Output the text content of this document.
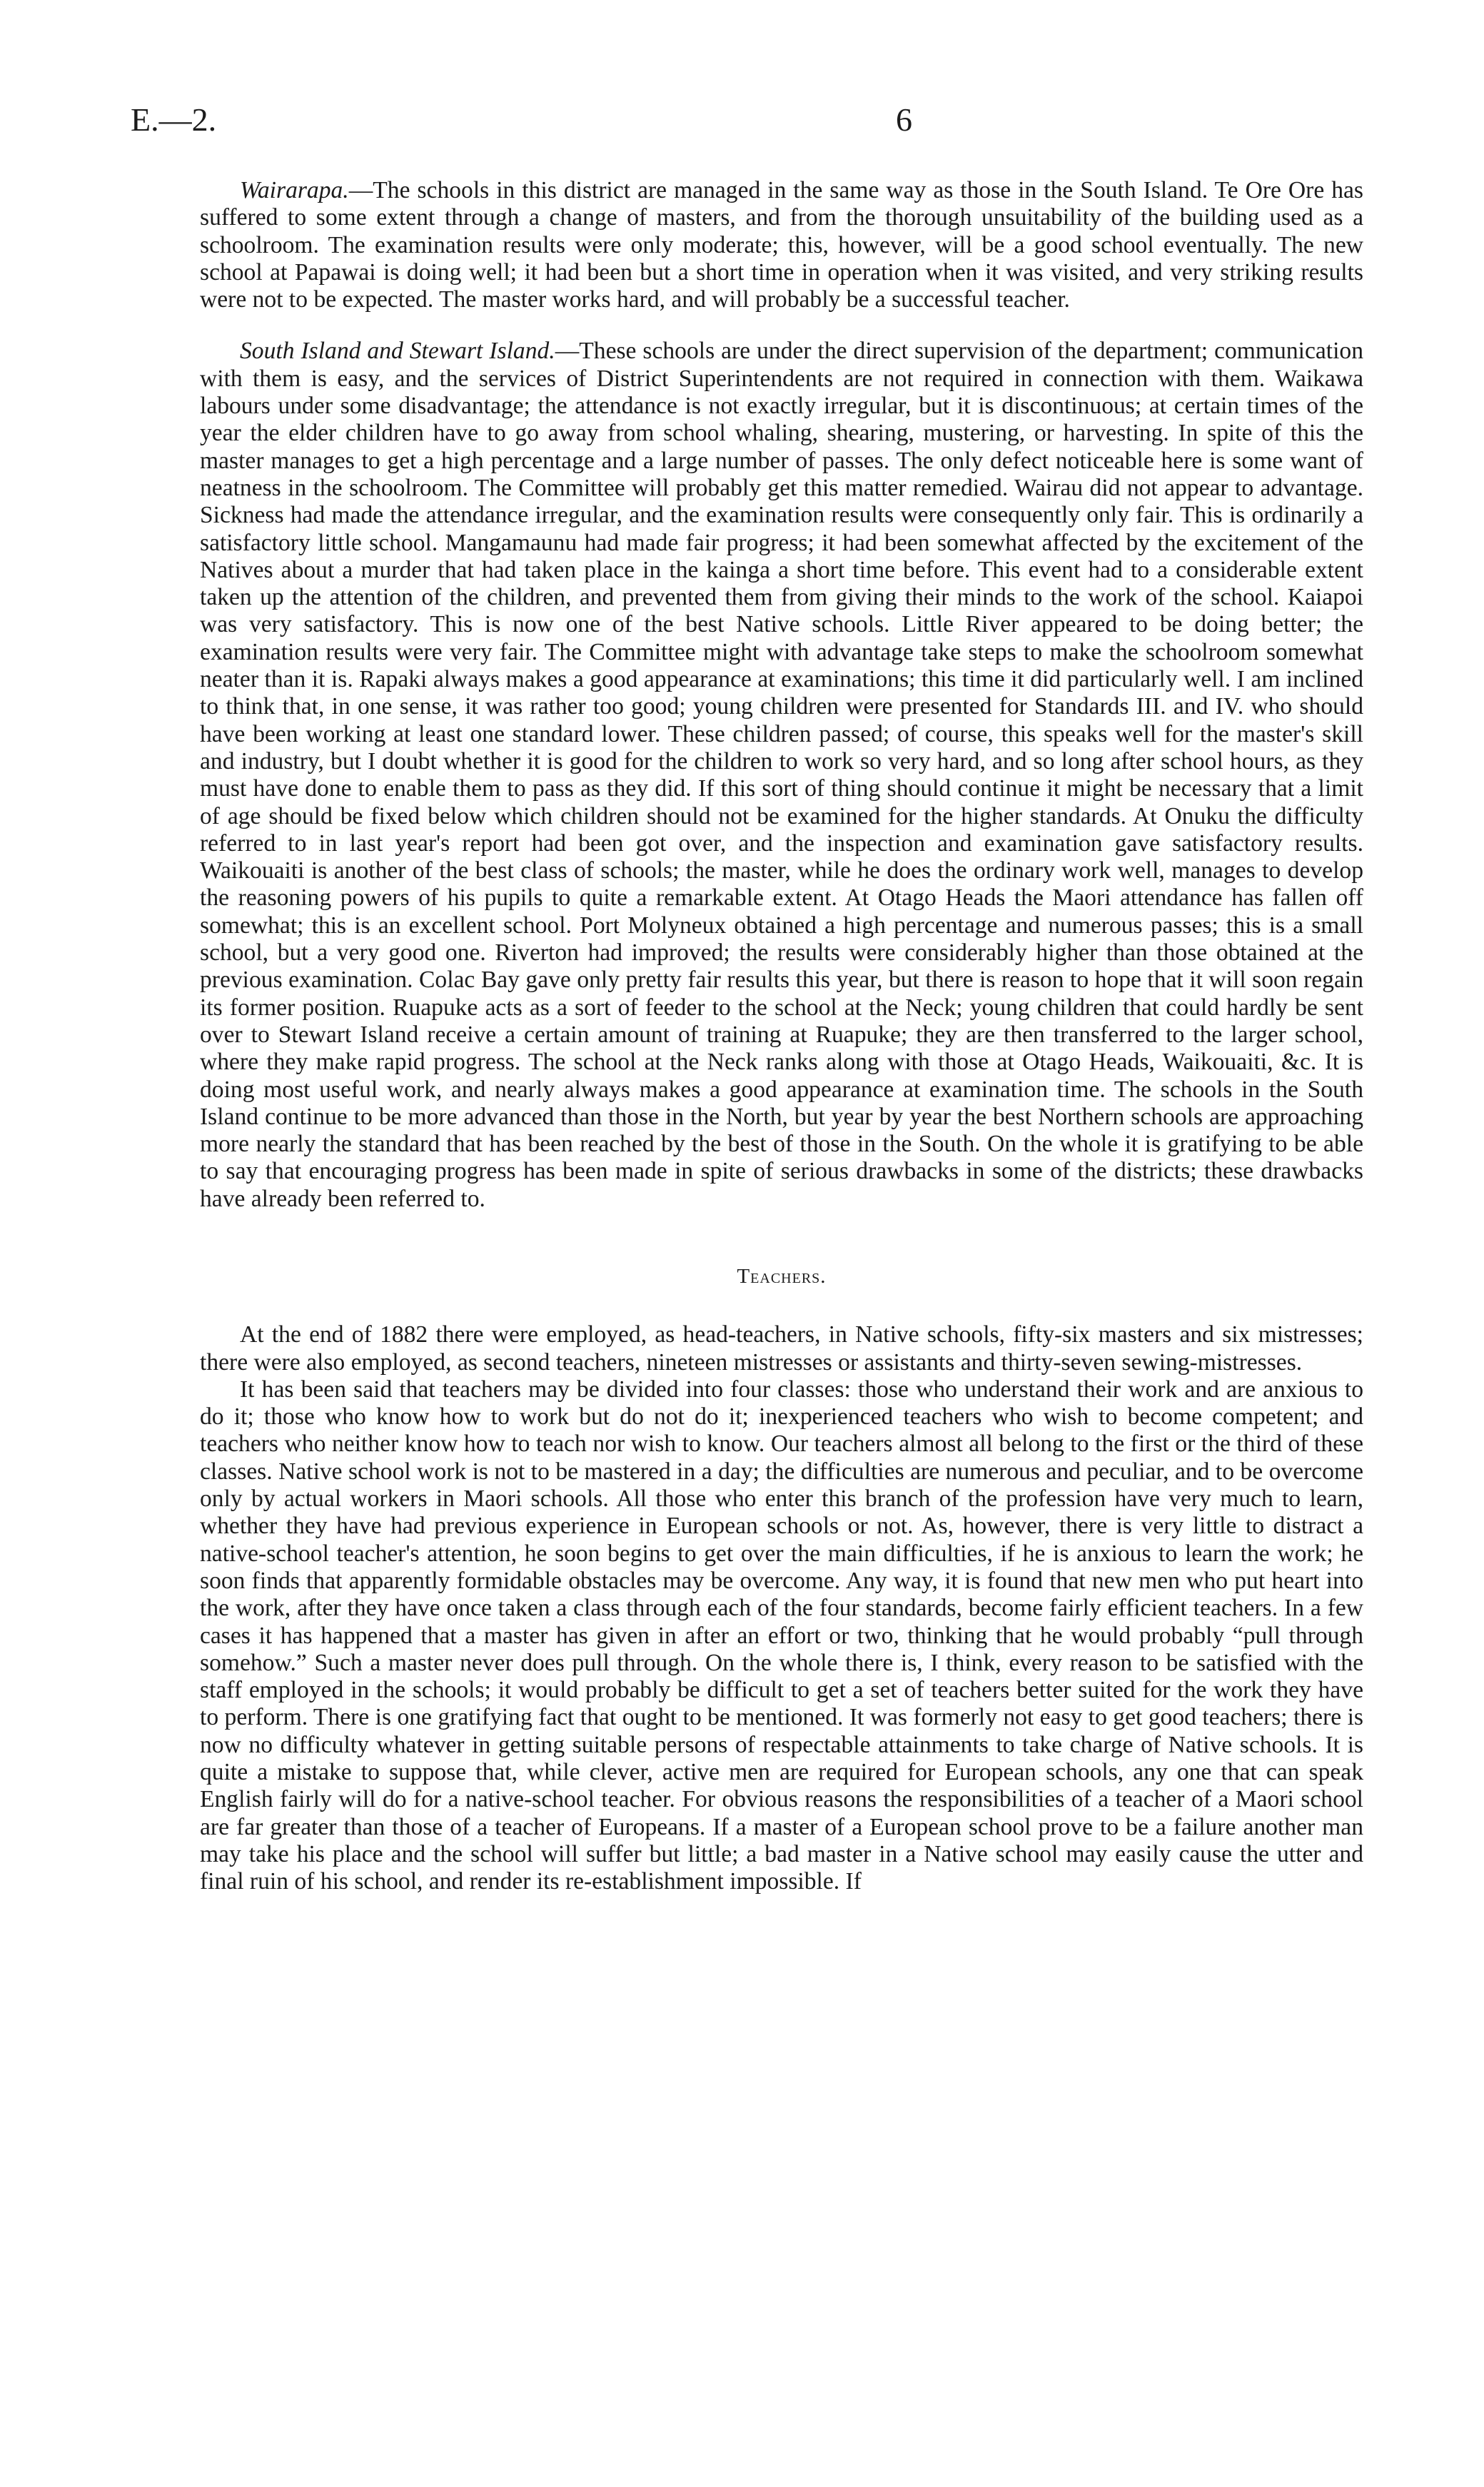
E.—2.	6

Wairarapa.—The schools in this district are managed in the same way as those in the South Island. Te Ore Ore has suffered to some extent through a change of masters, and from the thorough unsuitability of the building used as a schoolroom. The examination results were only moderate; this, however, will be a good school eventually. The new school at Papawai is doing well; it had been but a short time in operation when it was visited, and very striking results were not to be expected. The master works hard, and will probably be a successful teacher.

South Island and Stewart Island.—These schools are under the direct supervision of the department; communication with them is easy, and the services of District Superintendents are not required in connection with them. Waikawa labours under some disadvantage; the attendance is not exactly irregular, but it is discontinuous; at certain times of the year the elder children have to go away from school whaling, shearing, mustering, or harvesting. In spite of this the master manages to get a high percentage and a large number of passes. The only defect noticeable here is some want of neatness in the schoolroom. The Committee will probably get this matter remedied. Wairau did not appear to advantage. Sickness had made the attendance irregular, and the examination results were consequently only fair. This is ordinarily a satisfactory little school. Mangamaunu had made fair progress; it had been somewhat affected by the excitement of the Natives about a murder that had taken place in the kainga a short time before. This event had to a considerable extent taken up the attention of the children, and prevented them from giving their minds to the work of the school. Kaiapoi was very satisfactory. This is now one of the best Native schools. Little River appeared to be doing better; the examination results were very fair. The Committee might with advantage take steps to make the schoolroom somewhat neater than it is. Rapaki always makes a good appearance at examinations; this time it did particularly well. I am inclined to think that, in one sense, it was rather too good; young children were presented for Standards III. and IV. who should have been working at least one standard lower. These children passed; of course, this speaks well for the master's skill and industry, but I doubt whether it is good for the children to work so very hard, and so long after school hours, as they must have done to enable them to pass as they did. If this sort of thing should continue it might be necessary that a limit of age should be fixed below which children should not be examined for the higher standards. At Onuku the difficulty referred to in last year's report had been got over, and the inspection and examination gave satisfactory results. Waikouaiti is another of the best class of schools; the master, while he does the ordinary work well, manages to develop the reasoning powers of his pupils to quite a remarkable extent. At Otago Heads the Maori attendance has fallen off somewhat; this is an excellent school. Port Molyneux obtained a high percentage and numerous passes; this is a small school, but a very good one. Riverton had improved; the results were considerably higher than those obtained at the previous examination. Colac Bay gave only pretty fair results this year, but there is reason to hope that it will soon regain its former position. Ruapuke acts as a sort of feeder to the school at the Neck; young children that could hardly be sent over to Stewart Island receive a certain amount of training at Ruapuke; they are then transferred to the larger school, where they make rapid progress. The school at the Neck ranks along with those at Otago Heads, Waikouaiti, &c. It is doing most useful work, and nearly always makes a good appearance at examination time. The schools in the South Island continue to be more advanced than those in the North, but year by year the best Northern schools are approaching more nearly the standard that has been reached by the best of those in the South. On the whole it is gratifying to be able to say that encouraging progress has been made in spite of serious drawbacks in some of the districts; these drawbacks have already been referred to.

Teachers.

At the end of 1882 there were employed, as head-teachers, in Native schools, fifty-six masters and six mistresses; there were also employed, as second teachers, nineteen mistresses or assistants and thirty-seven sewing-mistresses.

It has been said that teachers may be divided into four classes: those who understand their work and are anxious to do it; those who know how to work but do not do it; inexperienced teachers who wish to become competent; and teachers who neither know how to teach nor wish to know. Our teachers almost all belong to the first or the third of these classes. Native school work is not to be mastered in a day; the difficulties are numerous and peculiar, and to be overcome only by actual workers in Maori schools. All those who enter this branch of the profession have very much to learn, whether they have had previous experience in European schools or not. As, however, there is very little to distract a native-school teacher's attention, he soon begins to get over the main difficulties, if he is anxious to learn the work; he soon finds that apparently formidable obstacles may be overcome. Any way, it is found that new men who put heart into the work, after they have once taken a class through each of the four standards, become fairly efficient teachers. In a few cases it has happened that a master has given in after an effort or two, thinking that he would probably “pull through somehow.” Such a master never does pull through. On the whole there is, I think, every reason to be satisfied with the staff employed in the schools; it would probably be difficult to get a set of teachers better suited for the work they have to perform. There is one gratifying fact that ought to be mentioned. It was formerly not easy to get good teachers; there is now no difficulty whatever in getting suitable persons of respectable attainments to take charge of Native schools. It is quite a mistake to suppose that, while clever, active men are required for European schools, any one that can speak English fairly will do for a native-school teacher. For obvious reasons the responsibilities of a teacher of a Maori school are far greater than those of a teacher of Europeans. If a master of a European school prove to be a failure another man may take his place and the school will suffer but little; a bad master in a Native school may easily cause the utter and final ruin of his school, and render its re-establishment impossible. If
